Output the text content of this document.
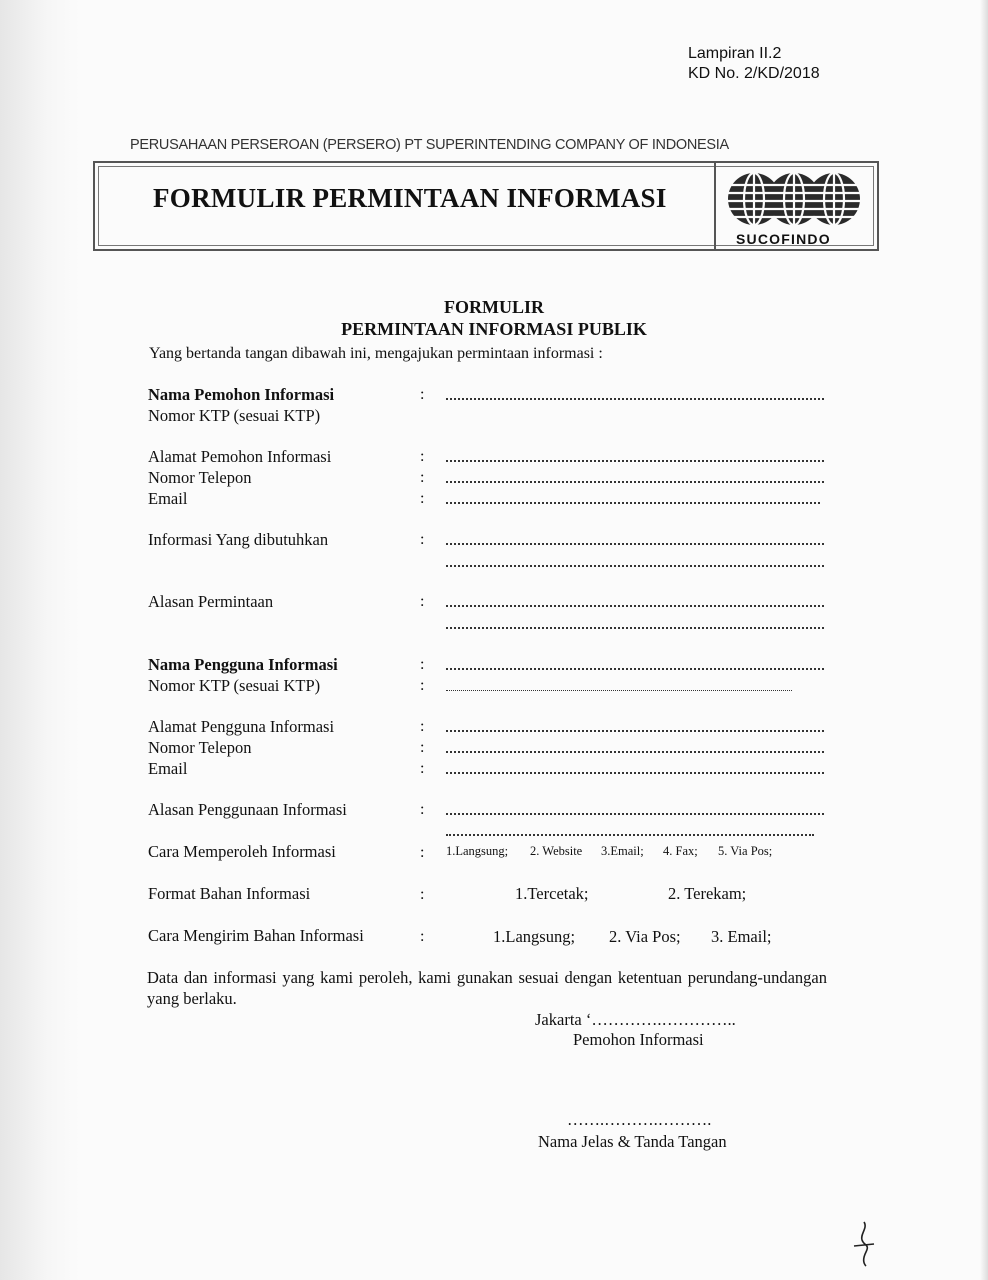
Lampiran II.2
KD No. 2/KD/2018
PERUSAHAAN PERSEROAN (PERSERO) PT SUPERINTENDING COMPANY OF INDONESIA
FORMULIR PERMINTAAN INFORMASI
SUCOFINDO
FORMULIR
PERMINTAAN INFORMASI PUBLIK
Yang bertanda tangan dibawah ini, mengajukan permintaan informasi :
Nama Pemohon Informasi	:
Nomor KTP (sesuai KTP)
Alamat Pemohon Informasi	:
Nomor Telepon	:
Email	:
Informasi Yang dibutuhkan	:
Alasan Permintaan	:
Nama Pengguna Informasi	:
Nomor KTP (sesuai KTP)	:
Alamat Pengguna Informasi	:
Nomor Telepon	:
Email	:
Alasan Penggunaan Informasi	:
Cara Memperoleh Informasi	: 1.Langsung; 2. Website 3.Email; 4. Fax; 5. Via Pos;
Format Bahan Informasi	:	1.Tercetak;	2. Terekam;
Cara Mengirim Bahan Informasi	:	1.Langsung; 2. Via Pos; 3. Email;
Data dan informasi yang kami peroleh, kami gunakan sesuai dengan ketentuan perundang-undangan yang berlaku.
Jakarta ‘………….…………..
Pemohon Informasi
…….……….……….
Nama Jelas & Tanda Tangan
